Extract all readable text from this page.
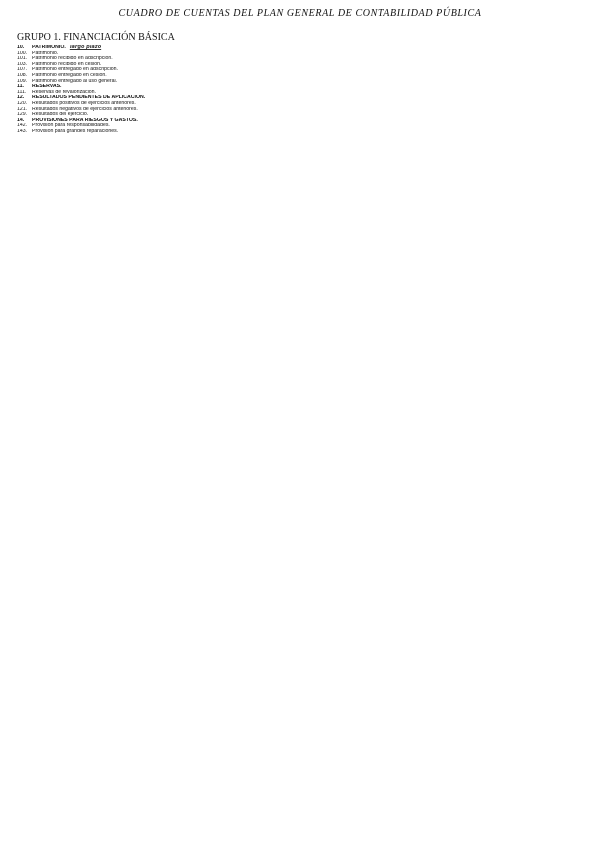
CUADRO DE CUENTAS DEL PLAN GENERAL DE CONTABILIDAD PÚBLICA
GRUPO 1. FINANCIACIÓN BÁSICA
10.	PATRIMONIO. largo plazo
100. Patrimonio.
101. Patrimonio recibido en adscripción.
103. Patrimonio recibido en cesión.
107. Patrimonio entregado en adscripción.
108. Patrimonio entregado en cesión.
109. Patrimonio entregado al uso general.
11.	RESERVAS.
111.	Reservas de revalorización.
12.	RESULTADOS PENDIENTES DE APLICACIÓN.
120. Resultados positivos de ejercicios anteriores.
121. Resultados negativos de ejercicios anteriores.
129. Resultados del ejercicio.
14.	PROVISIONES PARA RIESGOS Y GASTOS.
142. Provisión para responsabilidades.
143. Provisión para grandes reparaciones.
